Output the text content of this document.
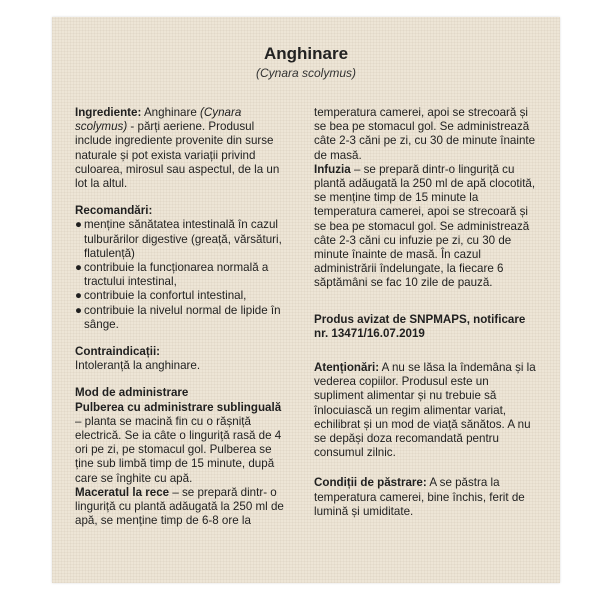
Anghinare
(Cynara scolymus)

Ingrediente: Anghinare (Cynara scolymus) - părți aeriene. Produsul include ingrediente provenite din surse naturale și pot exista variații privind culoarea, mirosul sau aspectul, de la un lot la altul.

Recomandări:
● menține sănătatea intestinală în cazul tulburărilor digestive (greață, vărsături, flatulență)
● contribuie la funcționarea normală a tractului intestinal,
● contribuie la confortul intestinal,
● contribuie la nivelul normal de lipide în sânge.
Contraindicații:
Intoleranță la anghinare.
Mod de administrare
Pulberea cu administrare sublinguală – planta se macină fin cu o rășniță electrică. Se ia câte o linguriță rasă de 4 ori pe zi, pe stomacul gol. Pulberea se ține sub limbă timp de 15 minute, după care se înghite cu apă.
Maceratul la rece – se prepară dintr- o linguriță cu plantă adăugată la 250 ml de apă, se menține timp de 6-8 ore la
temperatura camerei, apoi se strecoară și se bea pe stomacul gol. Se administrează câte 2-3 căni pe zi, cu 30 de minute înainte de masă.

Infuzia – se prepară dintr-o linguriță cu plantă adăugată la 250 ml de apă clocotită, se menține timp de 15 minute la temperatura camerei, apoi se strecoară și se bea pe stomacul gol. Se administrează câte 2-3 căni cu infuzie pe zi, cu 30 de minute înainte de masă. În cazul administrării îndelungate, la fiecare 6 săptămâni se fac 10 zile de pauză.

Produs avizat de SNPMAPS, notificare nr. 13471/16.07.2019

Atenționări: A nu se lăsa la îndemâna și la vederea copiilor. Produsul este un supliment alimentar și nu trebuie să înlocuiască un regim alimentar variat, echilibrat și un mod de viață sănătos. A nu se depăși doza recomandată pentru consumul zilnic.

Condiții de păstrare: A se păstra la temperatura camerei, bine închis, ferit de lumină și umiditate.
